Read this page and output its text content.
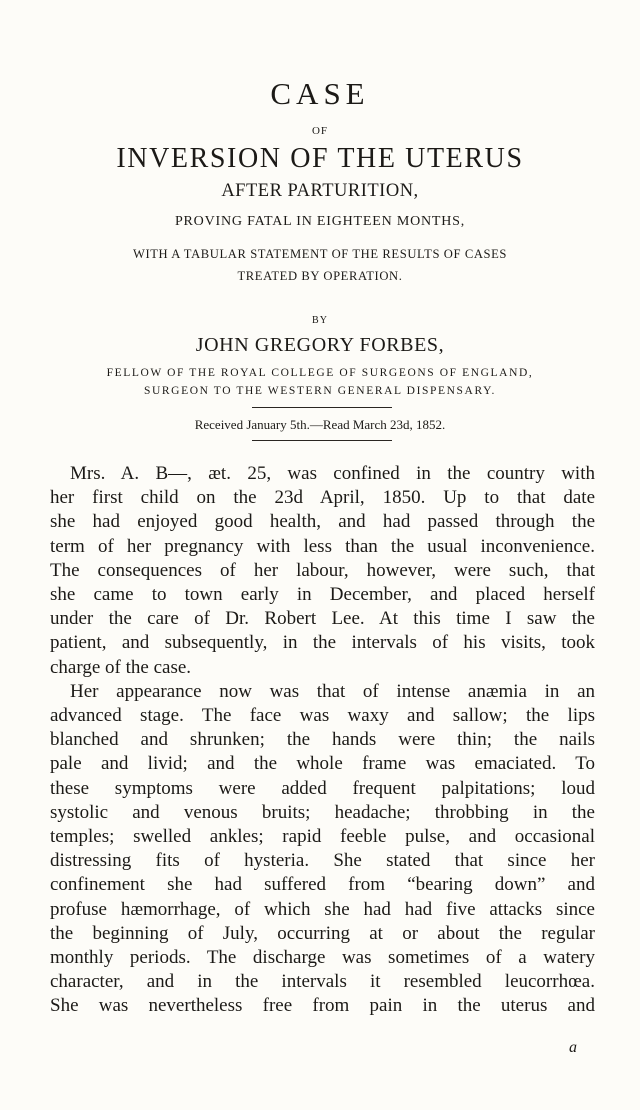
CASE
OF
INVERSION OF THE UTERUS
AFTER PARTURITION,
PROVING FATAL IN EIGHTEEN MONTHS,
WITH A TABULAR STATEMENT OF THE RESULTS OF CASES
TREATED BY OPERATION.
BY
JOHN GREGORY FORBES,
FELLOW OF THE ROYAL COLLEGE OF SURGEONS OF ENGLAND,
SURGEON TO THE WESTERN GENERAL DISPENSARY.
Received January 5th.—Read March 23d, 1852.

Mrs. A. B—, æt. 25, was confined in the country with

her first child on the 23d April, 1850. Up to that date

she had enjoyed good health, and had passed through the

term of her pregnancy with less than the usual inconvenience.

The consequences of her labour, however, were such, that

she came to town early in December, and placed herself

under the care of Dr. Robert Lee. At this time I saw the

patient, and subsequently, in the intervals of his visits, took

charge of the case.

Her appearance now was that of intense anæmia in an

advanced stage. The face was waxy and sallow; the lips

blanched and shrunken; the hands were thin; the nails

pale and livid; and the whole frame was emaciated. To

these symptoms were added frequent palpitations; loud

systolic and venous bruits; headache; throbbing in the

temples; swelled ankles; rapid feeble pulse, and occasional

distressing fits of hysteria. She stated that since her

confinement she had suffered from “bearing down” and

profuse hæmorrhage, of which she had had five attacks since

the beginning of July, occurring at or about the regular

monthly periods. The discharge was sometimes of a watery

character, and in the intervals it resembled leucorrhœa.

She was nevertheless free from pain in the uterus and

a
